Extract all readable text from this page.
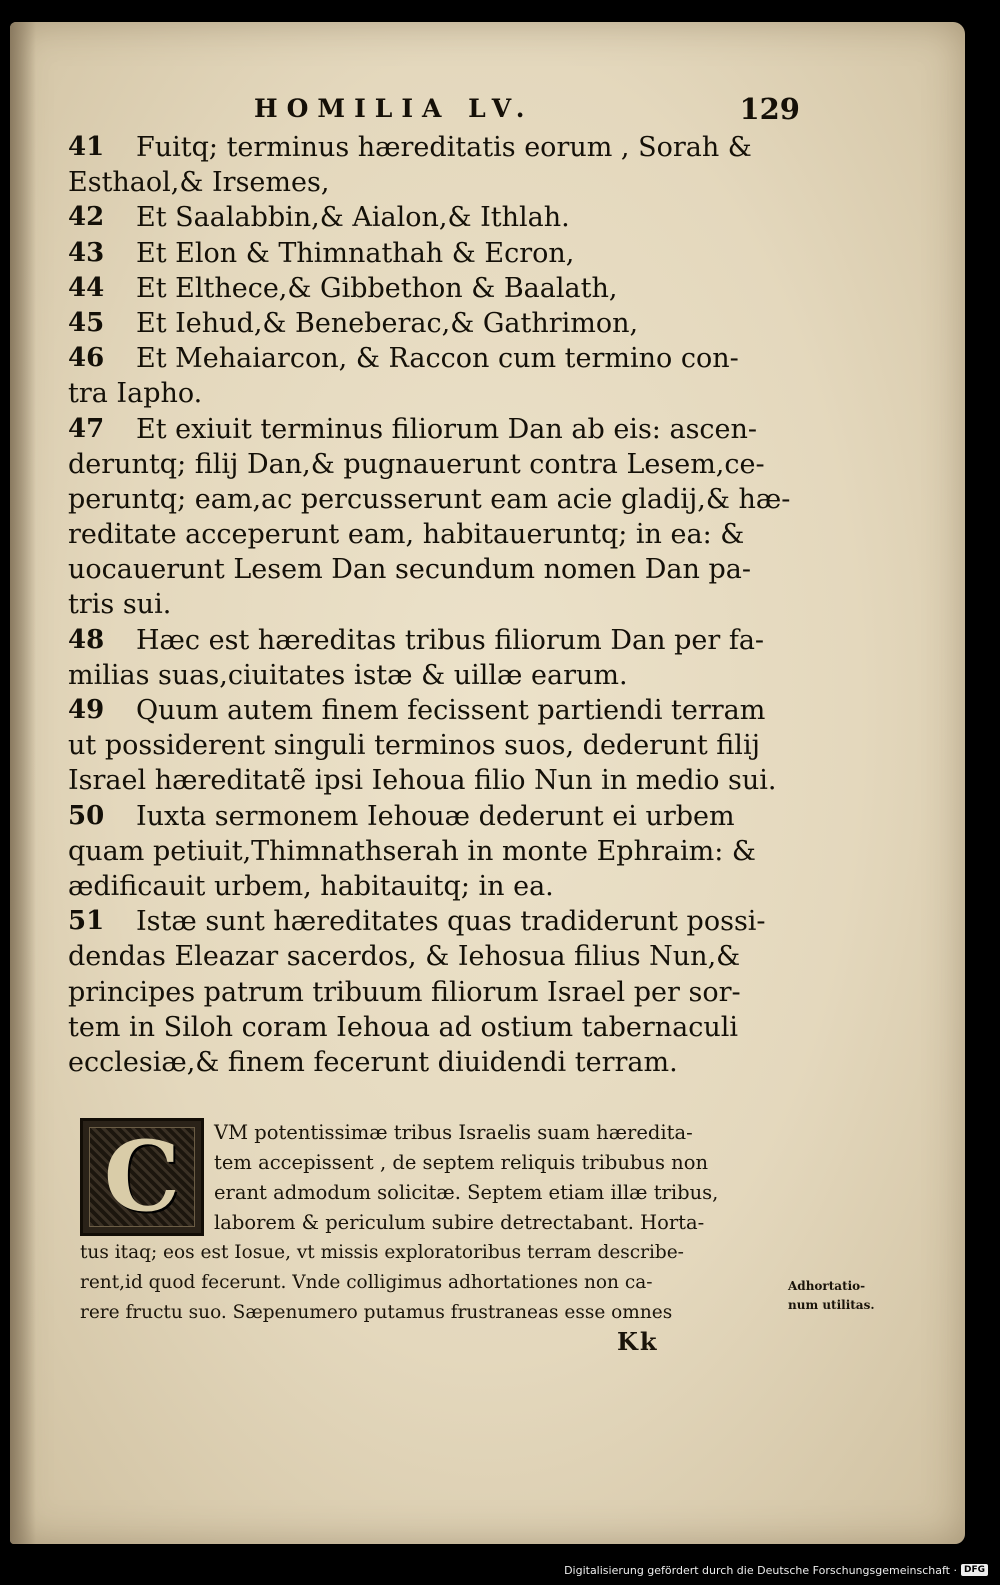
HOMILIA LV.	129
41	Fuitq; terminus hæreditatis eorum , Sorah &
Esthaol,& Irsemes,
42	Et Saalabbin,& Aialon,& Ithlah.
43	Et Elon & Thimnathah & Ecron,
44	Et Elthece,& Gibbethon & Baalath,
45	Et Iehud,& Beneberac,& Gathrimon,
46	Et Mehaiarcon, & Raccon cum termino con-
tra Iapho.
47	Et exiuit terminus filiorum Dan ab eis: ascen-
deruntq; filij Dan,& pugnauerunt contra Lesem,ce-
peruntq; eam,ac percusserunt eam acie gladij,& hæ-
reditate acceperunt eam, habitaueruntq; in ea: &
uocauerunt Lesem Dan secundum nomen Dan pa-
tris sui.
48	Hæc est hæreditas tribus filiorum Dan per fa-
milias suas,ciuitates istæ & uillæ earum.
49	Quum autem finem fecissent partiendi terram
ut possiderent singuli terminos suos, dederunt filij
Israel hæreditatẽ ipsi Iehoua filio Nun in medio sui.
50	Iuxta sermonem Iehouæ dederunt ei urbem
quam petiuit,Thimnathserah in monte Ephraim: &
ædificauit urbem, habitauitq; in ea.
51	Istæ sunt hæreditates quas tradiderunt possi-
dendas Eleazar sacerdos, & Iehosua filius Nun,&
principes patrum tribuum filiorum Israel per sor-
tem in Siloh coram Iehoua ad ostium tabernaculi
ecclesiæ,& finem fecerunt diuidendi terram.
C VM potentissimæ tribus Israelis suam hæredita-
tem accepissent , de septem reliquis tribubus non
erant admodum solicitæ. Septem etiam illæ tribus,
laborem & periculum subire detrectabant. Horta-
tus itaq; eos est Iosue, vt missis exploratoribus terram describe-
rent,id quod fecerunt. Vnde colligimus adhortationes non ca-
rere fructu suo. Sæpenumero putamus frustraneas esse omnes
Adhortatio-
num utilitas.
Kk
Digitalisierung gefördert durch die Deutsche Forschungsgemeinschaft · DFG
